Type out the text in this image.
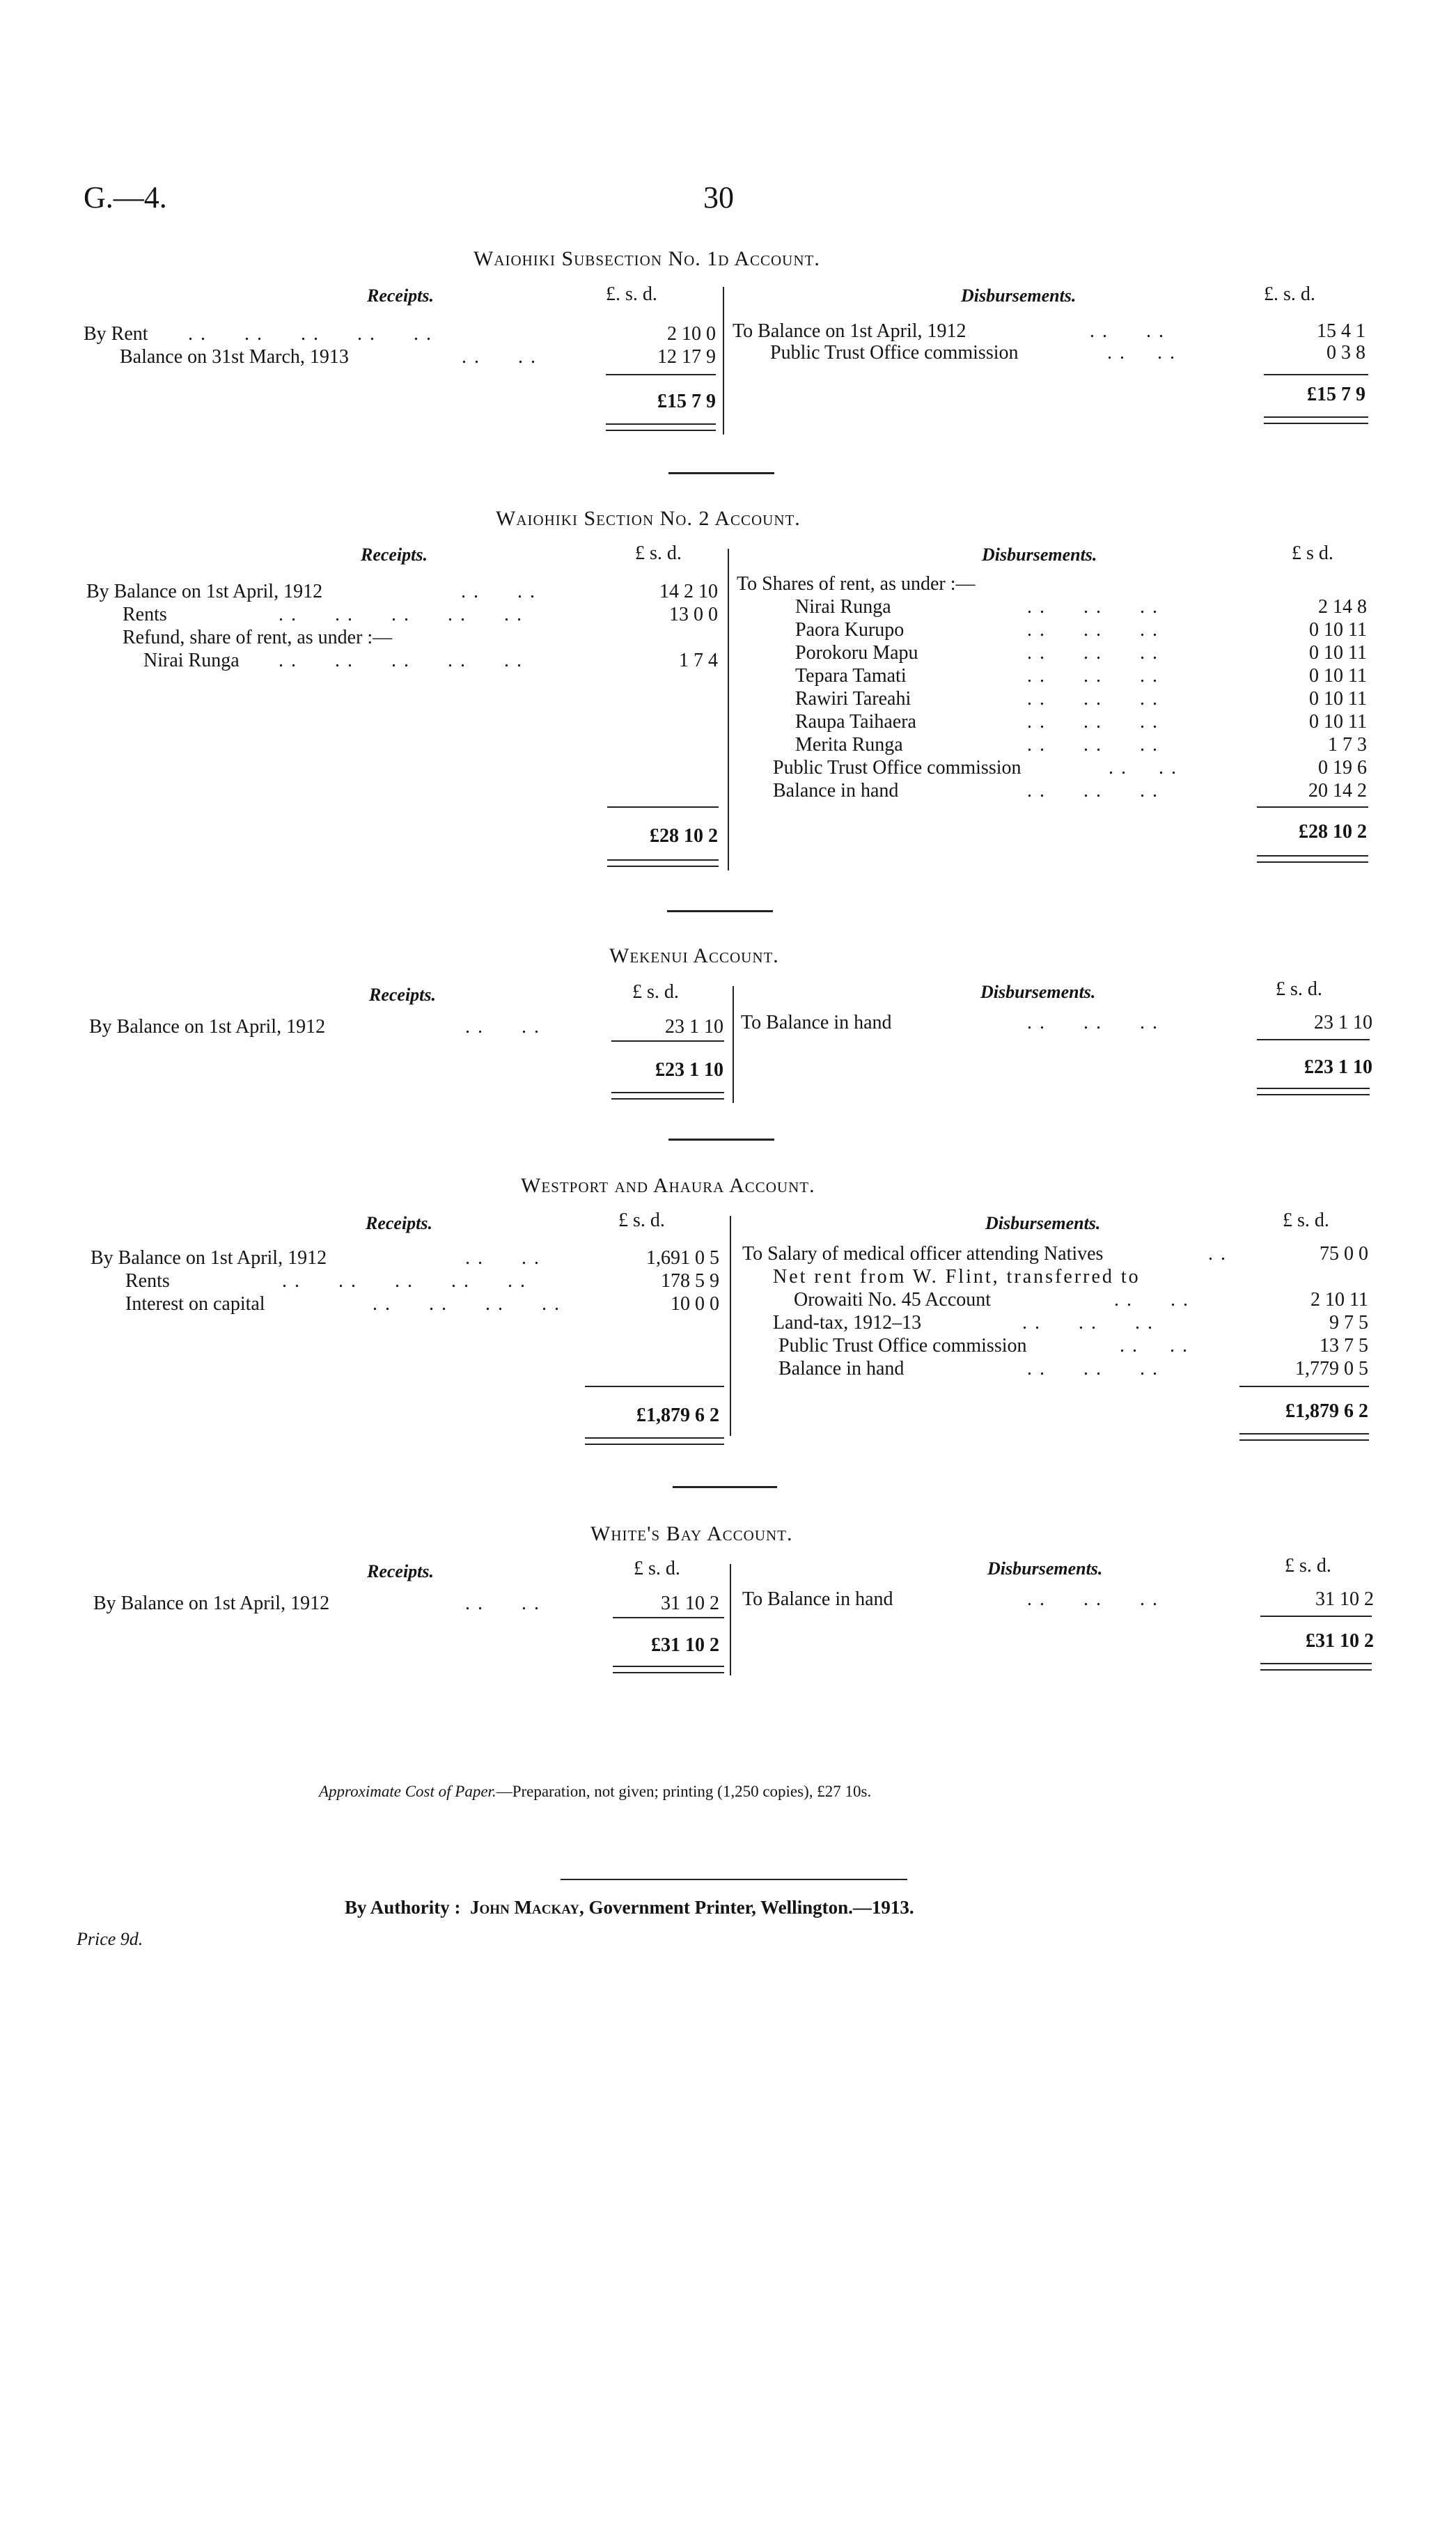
G.—4.	30
Waiohiki Subsection No. 1d Account.
Receipts.	£. s. d.	Disbursements.	£. s. d.
By Rent . .      . .      . .      . .      . .	2 10 0
Balance on 31st March, 1913	. .      . .	12 17 9
To Balance on 1st April, 1912	. .      . .	15 4 1
Public Trust Office commission	. .     . .	0 3 8
£15 7 9	£15 7 9
Waiohiki Section No. 2 Account.
Receipts.	£ s. d.	Disbursements.	£ s d.
By Balance on 1st April, 1912	. .      . .	14 2 10
Rents	. .      . .      . .      . .      . .	13 0 0
Refund, share of rent, as under :—
Nirai Runga . .      . .      . .      . .      . .	1 7 4
To Shares of rent, as under :—
Nirai Runga	. .      . .      . .	2 14 8
Paora Kurupo	. .      . .      . .	0 10 11
Porokoru Mapu	. .      . .      . .	0 10 11
Tepara Tamati	. .      . .      . .	0 10 11
Rawiri Tareahi	. .      . .      . .	0 10 11
Raupa Taihaera	. .      . .      . .	0 10 11
Merita Runga	. .      . .      . .	1 7 3
Public Trust Office commission	. .     . .	0 19 6
Balance in hand	. .      . .      . .	20 14 2
£28 10 2	£28 10 2
Wekenui Account.
Receipts.	£ s. d.	Disbursements.	£ s. d.
By Balance on 1st April, 1912	. .      . .	23 1 10 To Balance in hand	. .      . .      . .	23 1 10
£23 1 10	£23 1 10
Westport and Ahaura Account.
Receipts.	£ s. d.	Disbursements.	£ s. d.
By Balance on 1st April, 1912	. .      . .	1,691 0 5
Rents	. .      . .      . .      . .      . .	178 5 9
Interest on capital	. .      . .      . .      . .	10 0 0
To Salary of medical officer attending Natives	. .	75 0 0
Net rent from W. Flint, transferred to
Orowaiti No. 45 Account	. .      . .	2 10 11
Land-tax, 1912–13	. .      . .      . .	9 7 5
Public Trust Office commission	. .     . .	13 7 5
Balance in hand	. .      . .      . .	1,779 0 5
£1,879 6 2	£1,879 6 2
White's Bay Account.
Receipts.	£ s. d.	Disbursements.	£ s. d.
By Balance on 1st April, 1912	. .      . .	31 10 2 To Balance in hand	. .      . .      . .	31 10 2
£31 10 2	£31 10 2
Approximate Cost of Paper.—Preparation, not given; printing (1,250 copies), £27 10s.
By Authority : John Mackay, Government Printer, Wellington.—1913.
Price 9d.
